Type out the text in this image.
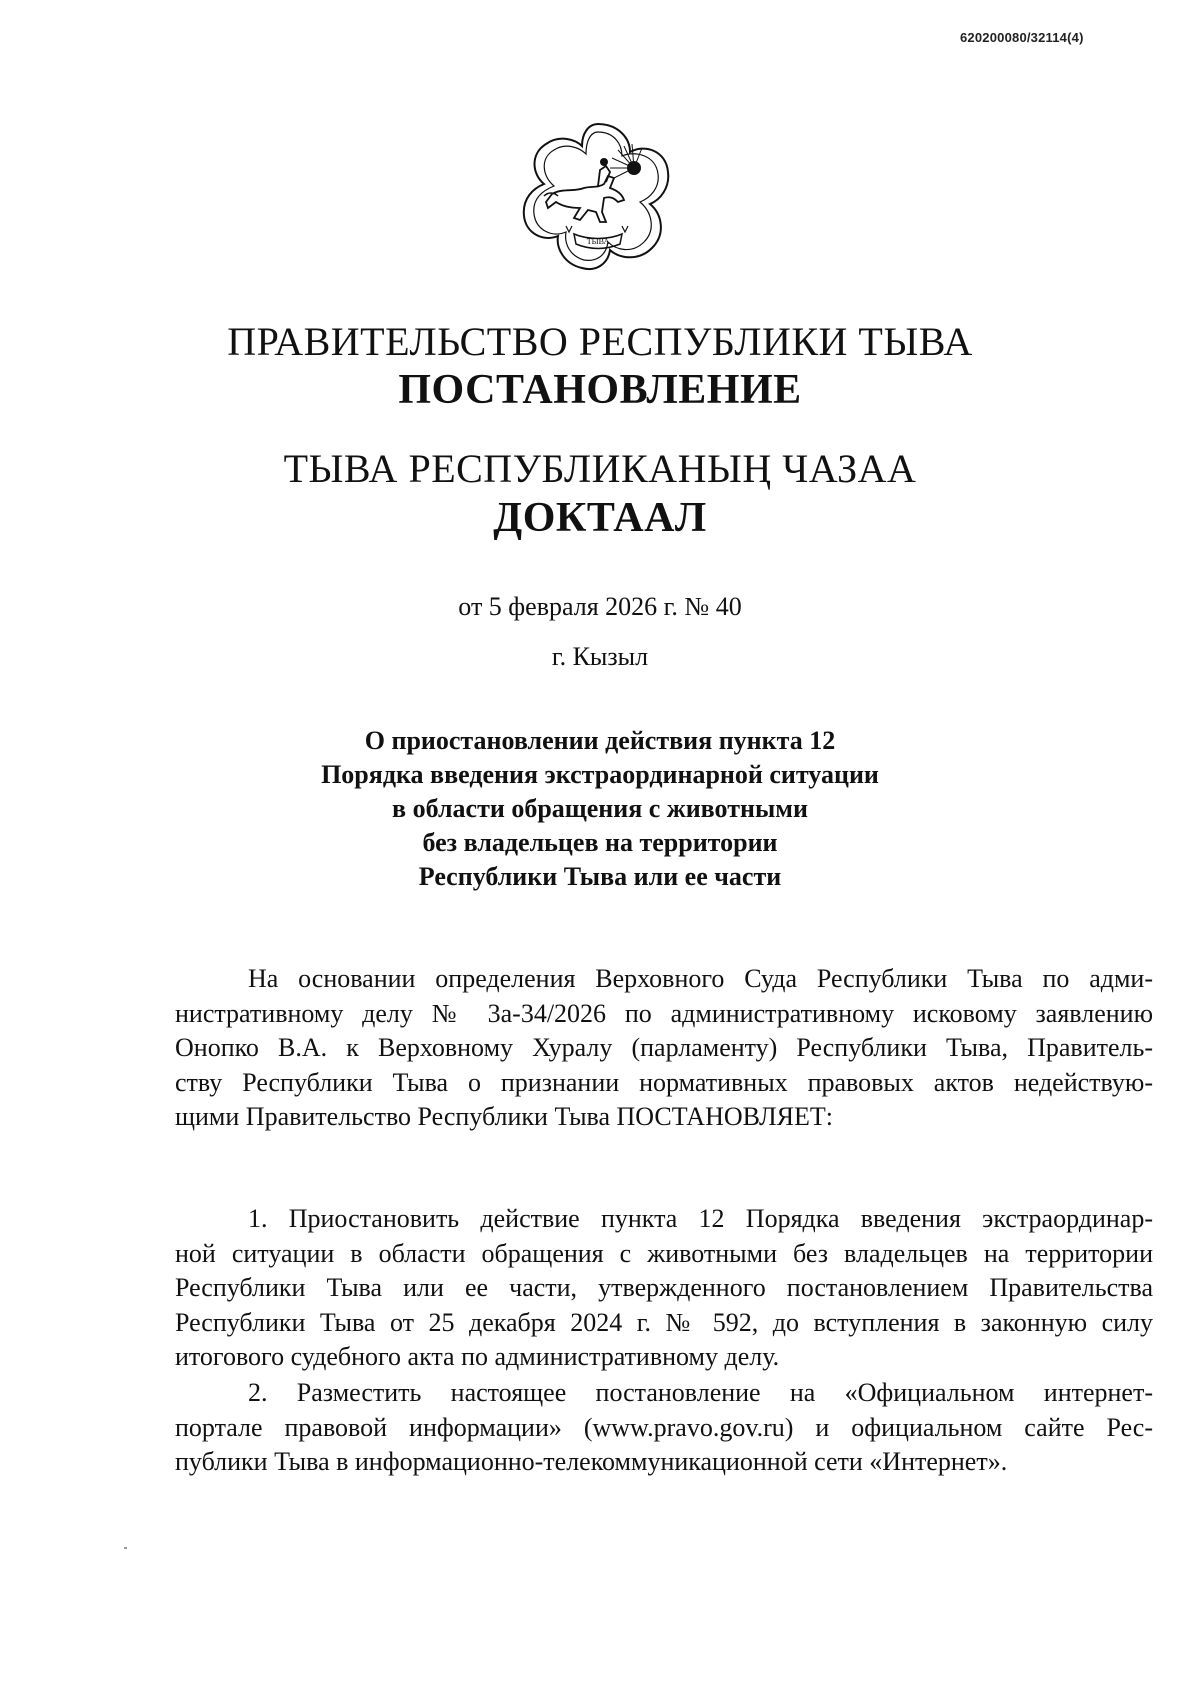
620200080/32114(4)
ТЫВА
ПРАВИТЕЛЬСТВО РЕСПУБЛИКИ ТЫВА
ПОСТАНОВЛЕНИЕ
ТЫВА РЕСПУБЛИКАНЫҢ ЧАЗАА
ДОКТААЛ
от 5 февраля 2026 г. № 40
г. Кызыл
О приостановлении действия пункта 12
Порядка введения экстраординарной ситуации
в области обращения с животными
без владельцев на территории
Республики Тыва или ее части
На основании определения Верховного Суда Республики Тыва по адми-
нистративному делу № 3а-34/2026 по административному исковому заявлению
Онопко В.А. к Верховному Хуралу (парламенту) Республики Тыва, Правитель-
ству Республики Тыва о признании нормативных правовых актов недействую-
щими Правительство Республики Тыва ПОСТАНОВЛЯЕТ:
1. Приостановить действие пункта 12 Порядка введения экстраординар-
ной ситуации в области обращения с животными без владельцев на территории
Республики Тыва или ее части, утвержденного постановлением Правительства
Республики Тыва от 25 декабря 2024 г. № 592, до вступления в законную силу
итогового судебного акта по административному делу.
2. Разместить настоящее постановление на «Официальном интернет-
портале правовой информации» (www.pravo.gov.ru) и официальном сайте Рес-
публики Тыва в информационно-телекоммуникационной сети «Интернет».
